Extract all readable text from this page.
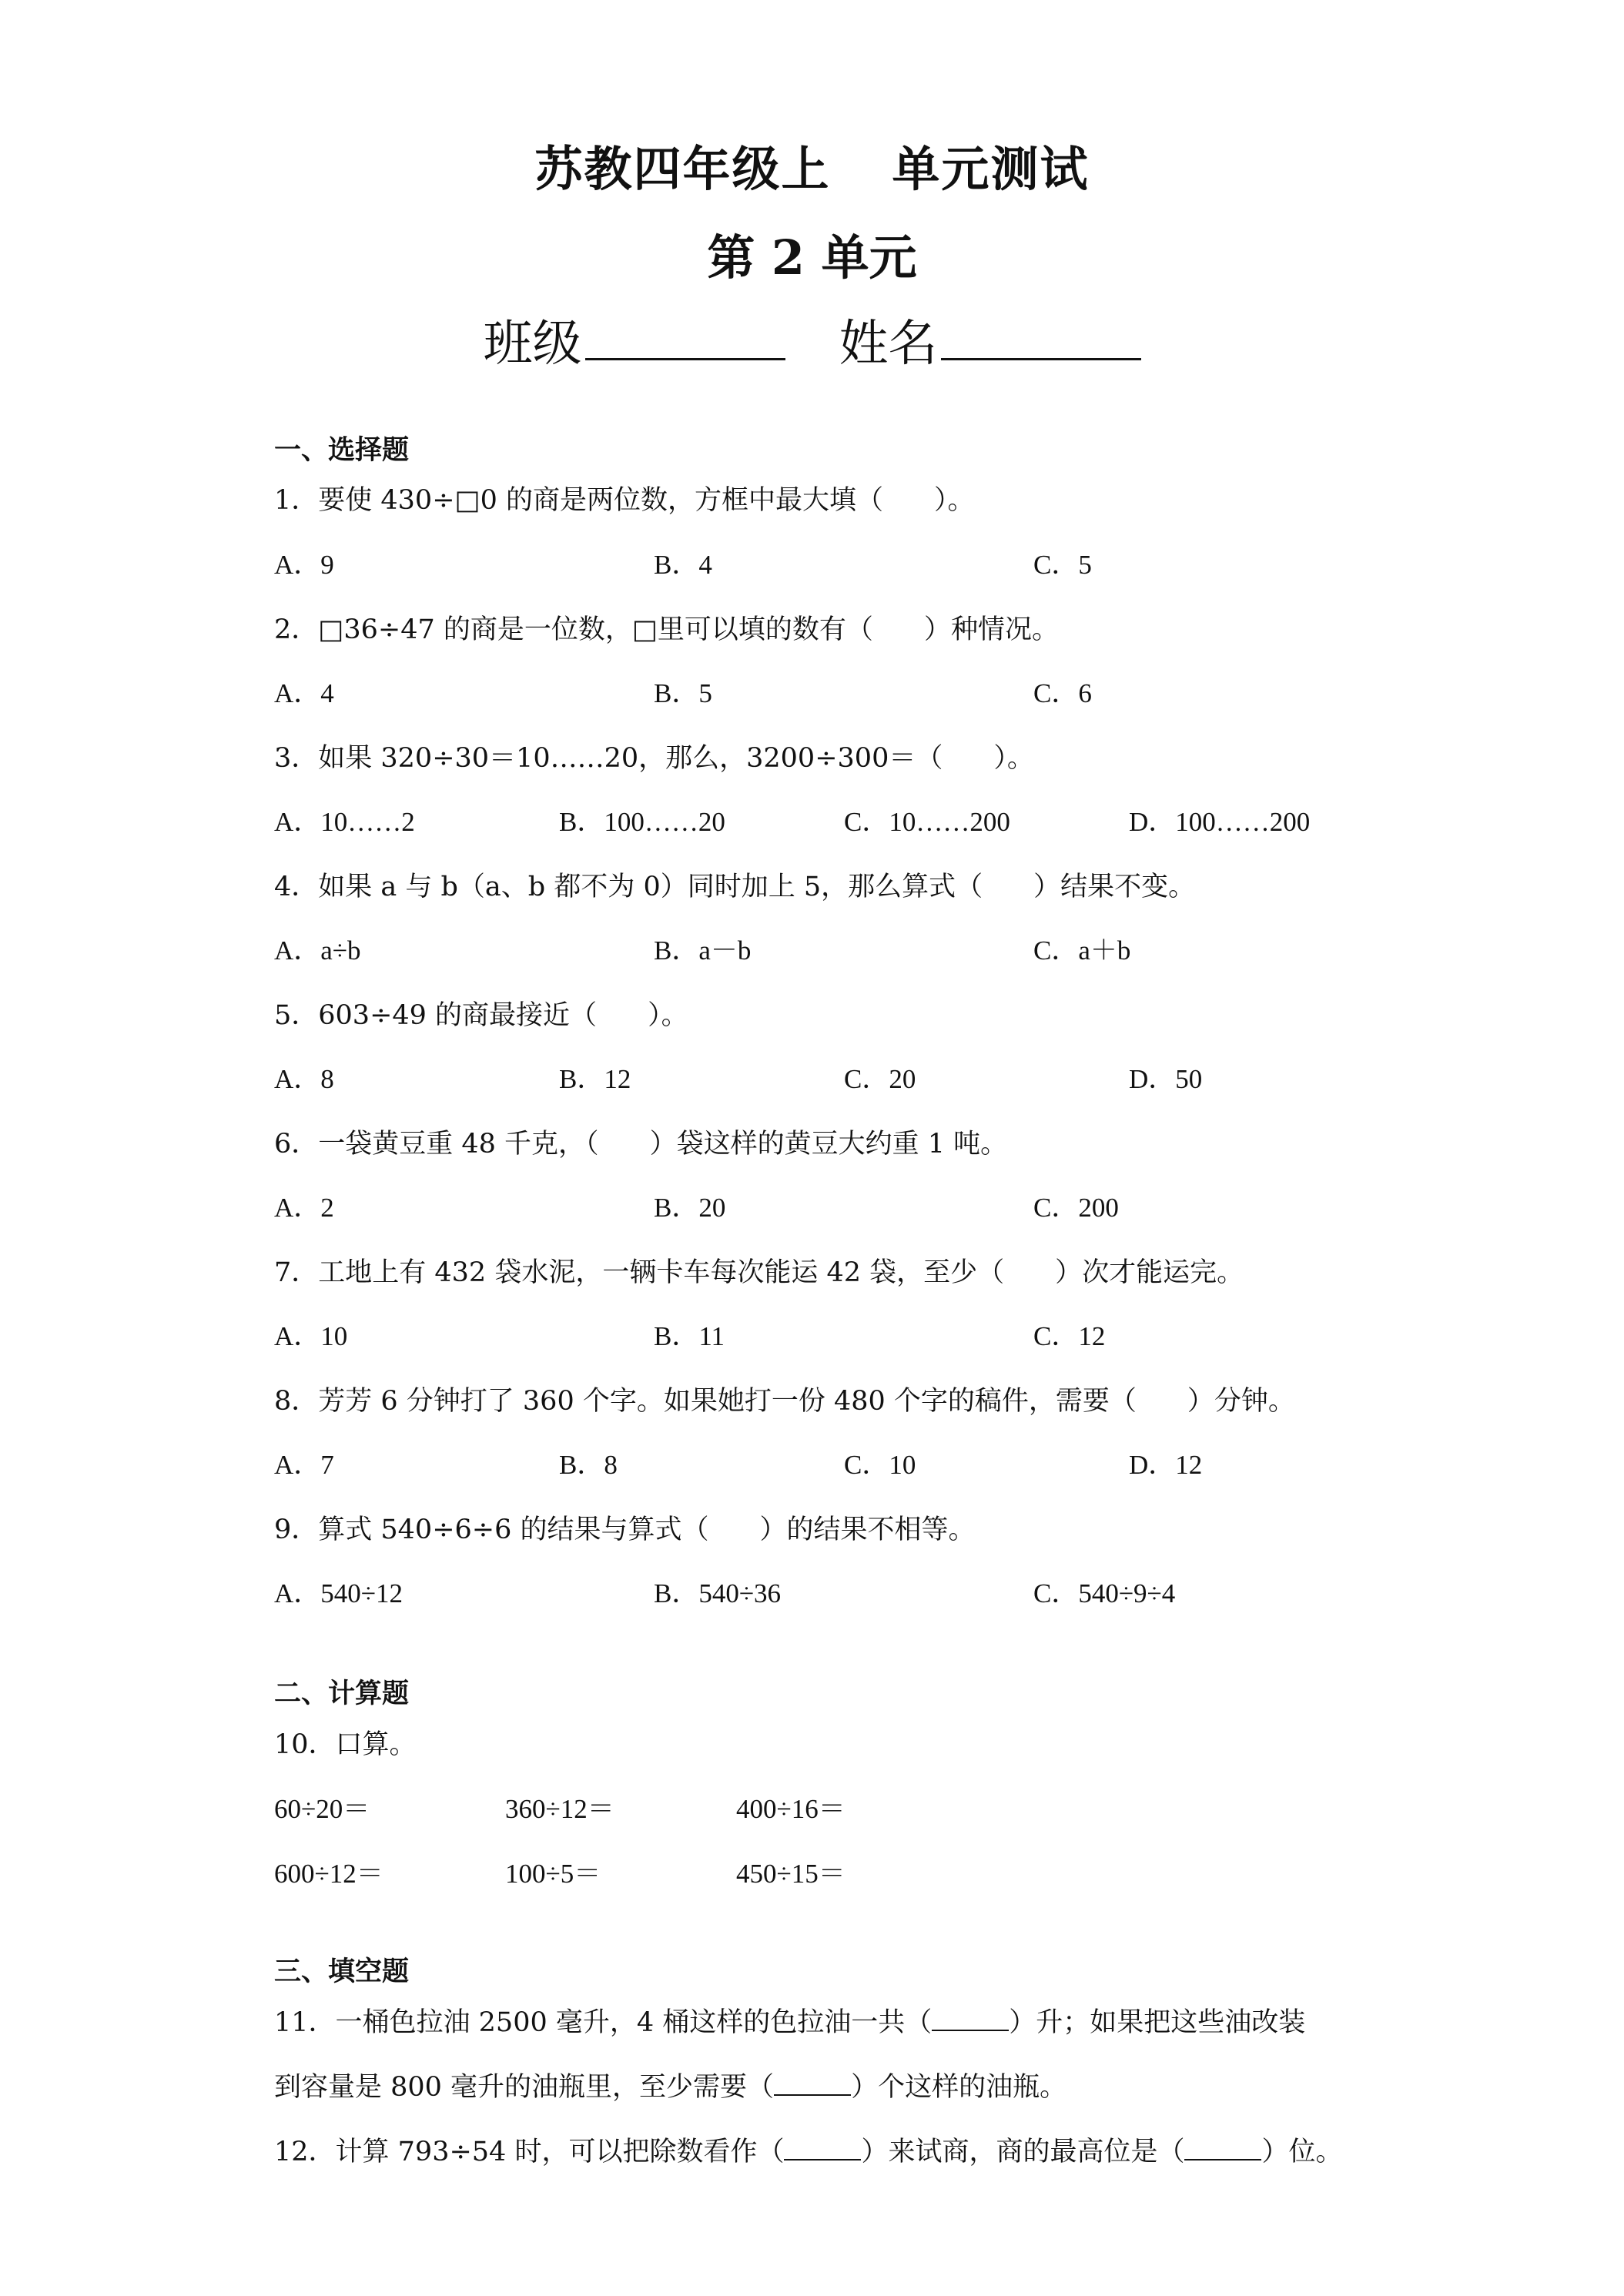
苏教四年级上 单元测试
第 2 单元
班级	姓名
一、选择题
1．要使 430÷□0 的商是两位数，方框中最大填（ ）。
A．9	B．4	C．5
2．□36÷47 的商是一位数，□里可以填的数有（ ）种情况。
A．4	B．5	C．6
3．如果 320÷30＝10……20，那么，3200÷300＝（ ）。
A．10……2	B．100……20	C．10……200	D．100……200
4．如果 a 与 b（a、b 都不为 0）同时加上 5，那么算式（ ）结果不变。
A．a÷b	B．a－b	C．a＋b
5．603÷49 的商最接近（ ）。
A．8	B．12	C．20	D．50
6．一袋黄豆重 48 千克，（ ）袋这样的黄豆大约重 1 吨。
A．2	B．20	C．200
7．工地上有 432 袋水泥，一辆卡车每次能运 42 袋，至少（ ）次才能运完。
A．10	B．11	C．12
8．芳芳 6 分钟打了 360 个字。如果她打一份 480 个字的稿件，需要（ ）分钟。
A．7	B．8	C．10	D．12
9．算式 540÷6÷6 的结果与算式（ ）的结果不相等。
A．540÷12	B．540÷36	C．540÷9÷4
二、计算题
10．口算。
60÷20＝	360÷12＝	400÷16＝
600÷12＝	100÷5＝	450÷15＝
三、填空题
11．一桶色拉油 2500 毫升，4 桶这样的色拉油一共（	）升；如果把这些油改装
到容量是 800 毫升的油瓶里，至少需要（	）个这样的油瓶。
12．计算 793÷54 时，可以把除数看作（	）来试商，商的最高位是（	）位。
